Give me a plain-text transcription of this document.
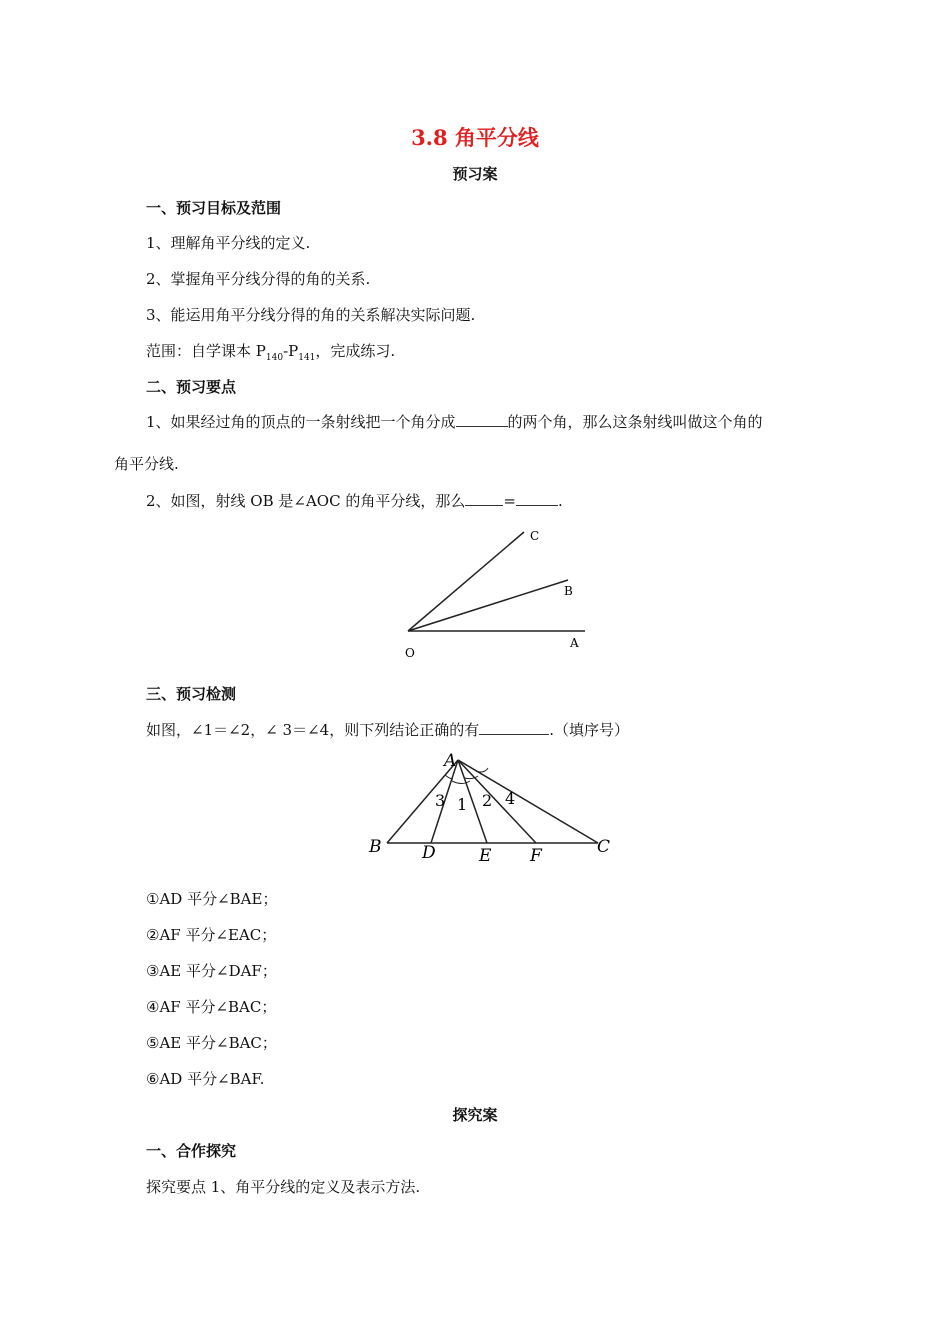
3.8 角平分线
预习案
一、预习目标及范围
1、理解角平分线的定义.
2、掌握角平分线分得的角的关系.
3、能运用角平分线分得的角的关系解决实际问题.
范围：自学课本 $P_{140}-P_{141}$，完成练习.
二、预习要点
1、如果经过角的顶点的一条射线把一个角分成	的两个角，那么这条射线叫做这个角的
角平分线.
2、如图，射线 OB 是∠AOC 的角平分线，那么	=	.
C
B
A
O
三、预习检测
如图，∠1＝∠2，∠ 3＝∠4，则下列结论正确的有	.（填序号）
A
B D	E F	C
3 1 2 4
①AD 平分∠BAE；
②AF 平分∠EAC；
③AE 平分∠DAF；
④AF 平分∠BAC；
⑤AE 平分∠BAC；
⑥AD 平分∠BAF.
探究案
一、合作探究
探究要点 1、角平分线的定义及表示方法.
